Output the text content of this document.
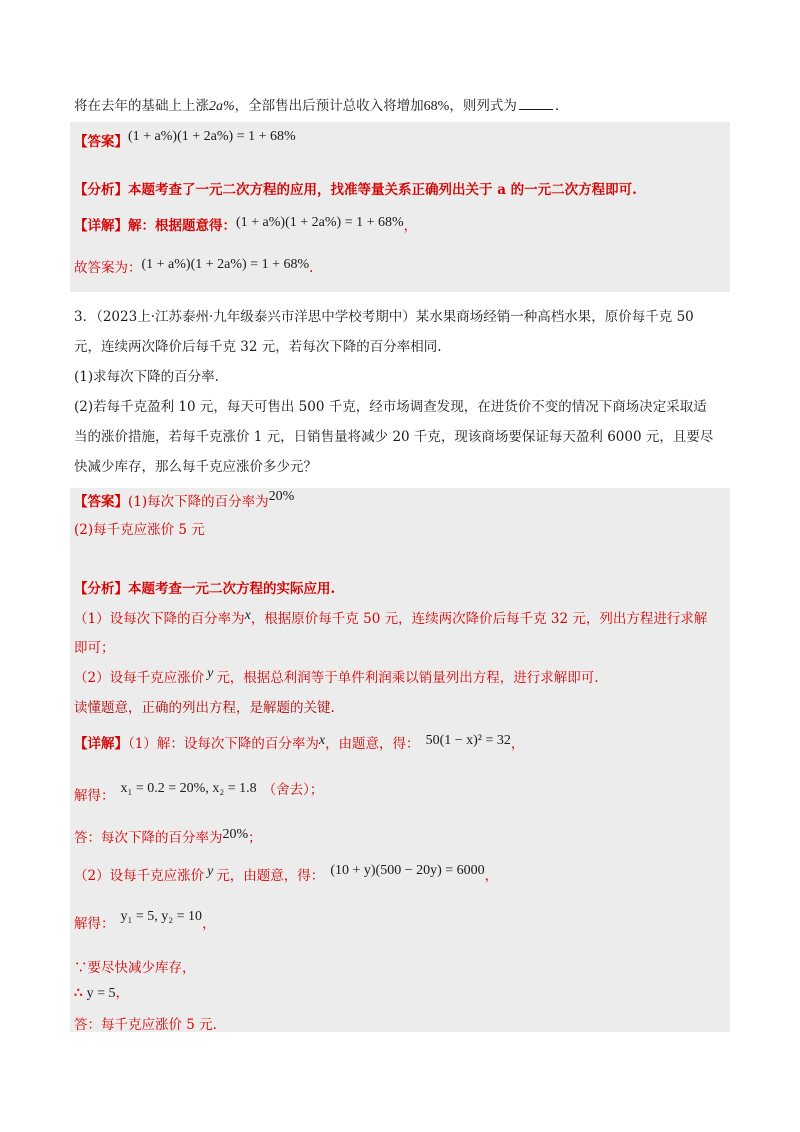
将在去年的基础上上涨2a%，全部售出后预计总收入将增加68%，则列式为	．
【答案】(1 + a%)(1 + 2a%) = 1 + 68%
【分析】本题考查了一元二次方程的应用，找准等量关系正确列出关于 a 的一元二次方程即可.
【详解】解：根据题意得：(1 + a%)(1 + 2a%) = 1 + 68%，
故答案为：(1 + a%)(1 + 2a%) = 1 + 68%.
3．（2023上·江苏泰州·九年级泰兴市洋思中学校考期中）某水果商场经销一种高档水果，原价每千克 50
元，连续两次降价后每千克 32 元，若每次下降的百分率相同.
(1)求每次下降的百分率.
(2)若每千克盈利 10 元，每天可售出 500 千克，经市场调查发现，在进货价不变的情况下商场决定采取适
当的涨价措施，若每千克涨价 1 元，日销售量将减少 20 千克，现该商场要保证每天盈利 6000 元，且要尽
快减少库存，那么每千克应涨价多少元？
【答案】(1)每次下降的百分率为20%
(2)每千克应涨价 5 元
【分析】本题考查一元二次方程的实际应用.
（1）设每次下降的百分率为x，根据原价每千克 50 元，连续两次降价后每千克 32 元，列出方程进行求解
即可；
（2）设每千克应涨价 y 元，根据总利润等于单件利润乘以销量列出方程，进行求解即可.
读懂题意，正确的列出方程，是解题的关键.
【详解】（1）解：设每次下降的百分率为x，由题意，得： 50(1 − x)² = 32，
解得： x₁ = 0.2 = 20%, x₂ = 1.8 （舍去）；
答：每次下降的百分率为20%；
（2）设每千克应涨价 y 元，由题意，得： (10 + y)(500 − 20y) = 6000，
解得： y₁ = 5, y₂ = 10，
∵要尽快减少库存，
∴ y = 5，
答：每千克应涨价 5 元.
